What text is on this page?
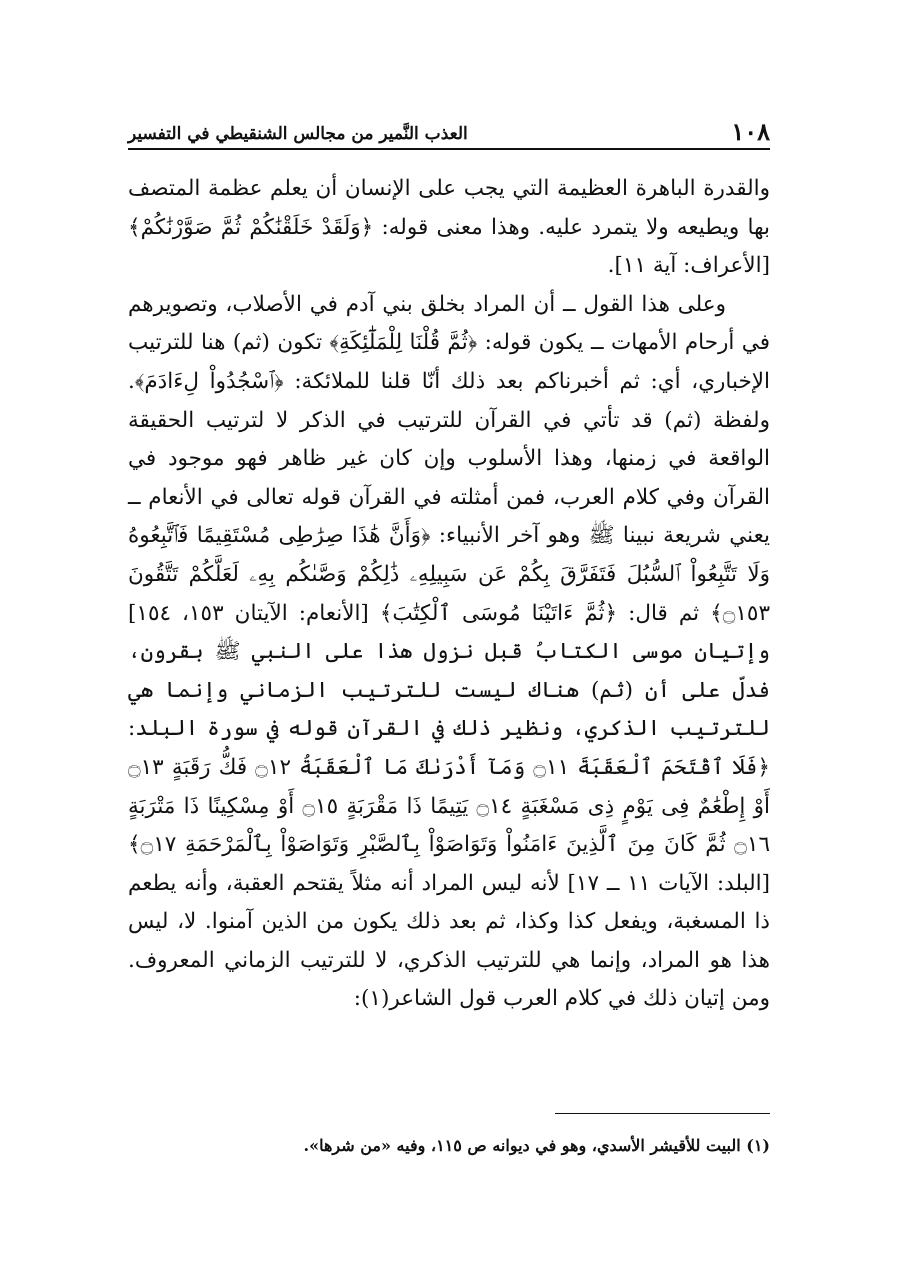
١٠٨
العذب النَّمير من مجالس الشنقيطي في التفسير

والقدرة الباهرة العظيمة التي يجب على الإنسان أن يعلم عظمة المتصف بها ويطيعه ولا يتمرد عليه. وهذا معنى قوله: ﴿وَلَقَدْ خَلَقْنَٰكُمْ ثُمَّ صَوَّرْنَٰكُمْ﴾ [الأعراف: آية ١١].

وعلى هذا القول ــ أن المراد بخلق بني آدم في الأصلاب، وتصويرهم في أرحام الأمهات ــ يكون قوله: ﴿ثُمَّ قُلْنَا لِلْمَلَٰٓئِكَةِ﴾ تكون (ثم) هنا للترتيب الإخباري، أي: ثم أخبرناكم بعد ذلك أنّا قلنا للملائكة: ﴿ٱسْجُدُواْ لِءَادَمَ﴾. ولفظة (ثم) قد تأتي في القرآن للترتيب في الذكر لا لترتيب الحقيقة الواقعة في زمنها، وهذا الأسلوب وإن كان غير ظاهر فهو موجود في القرآن وفي كلام العرب، فمن أمثلته في القرآن قوله تعالى في الأنعام ــ يعني شريعة نبينا ﷺ وهو آخر الأنبياء: ﴿وَأَنَّ هَٰذَا صِرَٰطِى مُسْتَقِيمًا فَٱتَّبِعُوهُ وَلَا تَتَّبِعُواْ ٱلسُّبُلَ فَتَفَرَّقَ بِكُمْ عَن سَبِيلِهِۦ ذَٰلِكُمْ وَصَّىٰكُم بِهِۦ لَعَلَّكُمْ تَتَّقُونَ ۝١٥٣﴾ ثم قال: ﴿ثُمَّ ءَاتَيْنَا مُوسَى ٱلْكِتَٰبَ﴾ [الأنعام: الآيتان ١٥٣، ١٥٤] وإتيان موسى الكتابُ قبل نزول هذا على النبي ﷺ بقرون، فدلّ على أن (ثم) هناك ليست للترتيب الزماني وإنما هي للترتيب الذكري، ونظير ذلك في القرآن قوله في سورة البلد: ﴿فَلَا ٱقْتَحَمَ ٱلْعَقَبَةَ ۝١١ وَمَآ أَدْرَىٰكَ مَا ٱلْعَقَبَةُ ۝١٢ فَكُّ رَقَبَةٍ ۝١٣ أَوْ إِطْعَٰمٌ فِى يَوْمٍ ذِى مَسْغَبَةٍ ۝١٤ يَتِيمًا ذَا مَقْرَبَةٍ ۝١٥ أَوْ مِسْكِينًا ذَا مَتْرَبَةٍ ۝١٦ ثُمَّ كَانَ مِنَ ٱلَّذِينَ ءَامَنُواْ وَتَوَاصَوْاْ بِٱلصَّبْرِ وَتَوَاصَوْاْ بِٱلْمَرْحَمَةِ ۝١٧﴾ [البلد: الآيات ١١ ــ ١٧] لأنه ليس المراد أنه مثلاً يقتحم العقبة، وأنه يطعم ذا المسغبة، ويفعل كذا وكذا، ثم بعد ذلك يكون من الذين آمنوا. لا، ليس هذا هو المراد، وإنما هي للترتيب الذكري، لا للترتيب الزماني المعروف. ومن إتيان ذلك في كلام العرب قول الشاعر(١):

(١) البيت للأقيشر الأسدي، وهو في ديوانه ص ١١٥، وفيه «من شرها».
